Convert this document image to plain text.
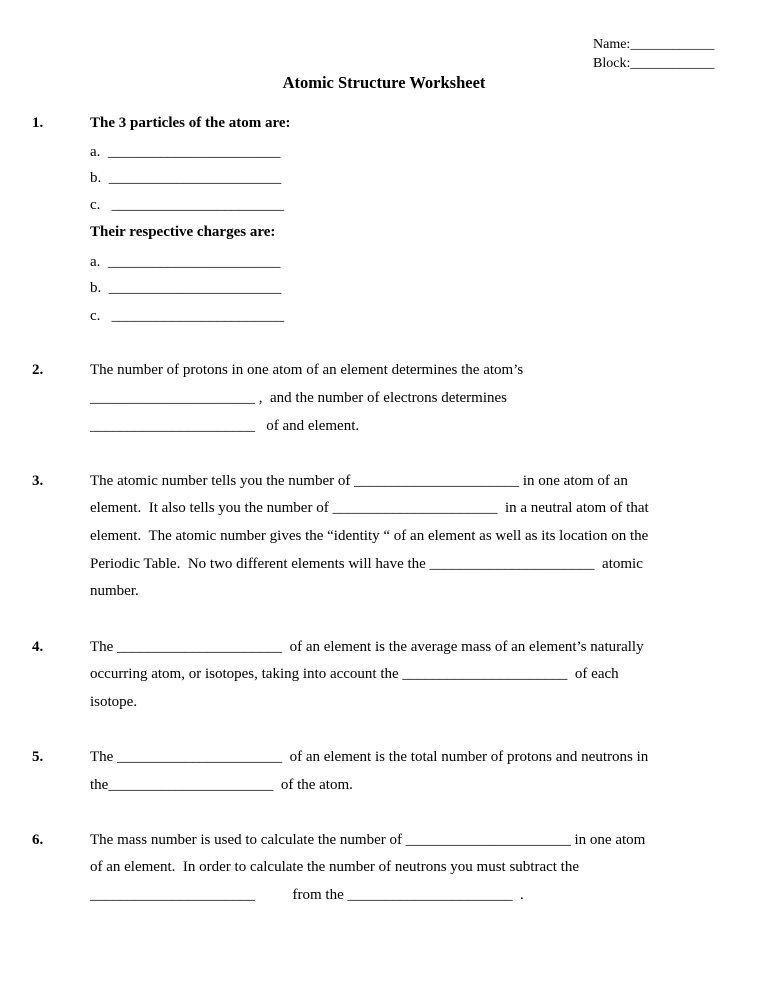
Name:____________
Block:____________
Atomic Structure Worksheet
1.	The 3 particles of the atom are:
a.  _______________________
b.  _______________________
c.   _______________________
Their respective charges are:
a.  _______________________
b.  _______________________
c.   _______________________
2.	The number of protons in one atom of an element determines the atom’s
______________________ ,  and the number of electrons determines
______________________   of and element.
3.	The atomic number tells you the number of ______________________ in one atom of an
element.  It also tells you the number of ______________________  in a neutral atom of that
element.  The atomic number gives the “identity “ of an element as well as its location on the
Periodic Table.  No two different elements will have the ______________________  atomic
number.
4.	The ______________________  of an element is the average mass of an element’s naturally
occurring atom, or isotopes, taking into account the ______________________  of each
isotope.
5.	The ______________________  of an element is the total number of protons and neutrons in
the______________________  of the atom.
6.	The mass number is used to calculate the number of ______________________ in one atom
of an element.  In order to calculate the number of neutrons you must subtract the
______________________          from the ______________________  .
